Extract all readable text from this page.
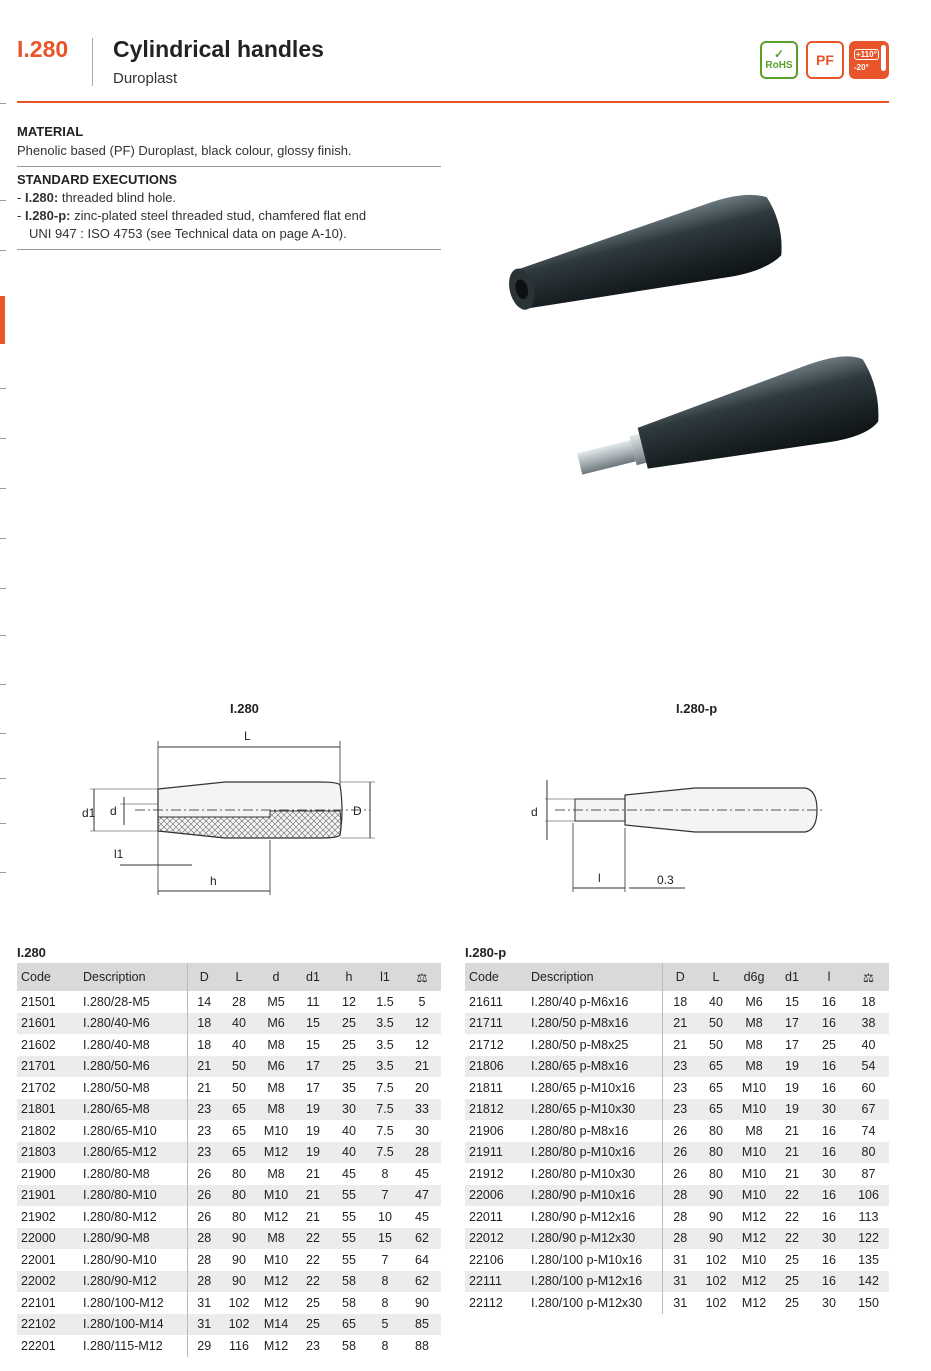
I.280 Cylindrical handles
Duroplast
✓
RoHS	PF	+110°
-20°
MATERIAL
Phenolic based (PF) Duroplast, black colour, glossy finish.
STANDARD EXECUTIONS
- I.280: threaded blind hole.
- I.280-p: zinc-plated steel threaded stud, chamfered flat end
UNI 947 : ISO 4753 (see Technical data on page A-10).
I.280	I.280-p
L
d1 d	D
l1
h
d
l	0.3
I.280
Code	Description	D	L	d	d1	h	l1	⚖
21501	I.280/28-M5	14	28	M5	11	12	1.5	5
21601	I.280/40-M6	18	40	M6	15	25	3.5	12
21602	I.280/40-M8	18	40	M8	15	25	3.5	12
21701	I.280/50-M6	21	50	M6	17	25	3.5	21
21702	I.280/50-M8	21	50	M8	17	35	7.5	20
21801	I.280/65-M8	23	65	M8	19	30	7.5	33
21802	I.280/65-M10	23	65	M10	19	40	7.5	30
21803	I.280/65-M12	23	65	M12	19	40	7.5	28
21900	I.280/80-M8	26	80	M8	21	45	8	45
21901	I.280/80-M10	26	80	M10	21	55	7	47
21902	I.280/80-M12	26	80	M12	21	55	10	45
22000	I.280/90-M8	28	90	M8	22	55	15	62
22001	I.280/90-M10	28	90	M10	22	55	7	64
22002	I.280/90-M12	28	90	M12	22	58	8	62
22101	I.280/100-M12	31	102	M12	25	58	8	90
22102	I.280/100-M14	31	102	M14	25	65	5	85
22201	I.280/115-M12	29	116	M12	23	58	8	88
I.280-p
Code	Description	D	L	d6g	d1	l	⚖
21611	I.280/40 p-M6x16	18	40	M6	15	16	18
21711	I.280/50 p-M8x16	21	50	M8	17	16	38
21712	I.280/50 p-M8x25	21	50	M8	17	25	40
21806	I.280/65 p-M8x16	23	65	M8	19	16	54
21811	I.280/65 p-M10x16	23	65	M10	19	16	60
21812	I.280/65 p-M10x30	23	65	M10	19	30	67
21906	I.280/80 p-M8x16	26	80	M8	21	16	74
21911	I.280/80 p-M10x16	26	80	M10	21	16	80
21912	I.280/80 p-M10x30	26	80	M10	21	30	87
22006	I.280/90 p-M10x16	28	90	M10	22	16	106
22011	I.280/90 p-M12x16	28	90	M12	22	16	113
22012	I.280/90 p-M12x30	28	90	M12	22	30	122
22106	I.280/100 p-M10x16	31	102	M10	25	16	135
22111	I.280/100 p-M12x16	31	102	M12	25	16	142
22112	I.280/100 p-M12x30	31	102	M12	25	30	150
